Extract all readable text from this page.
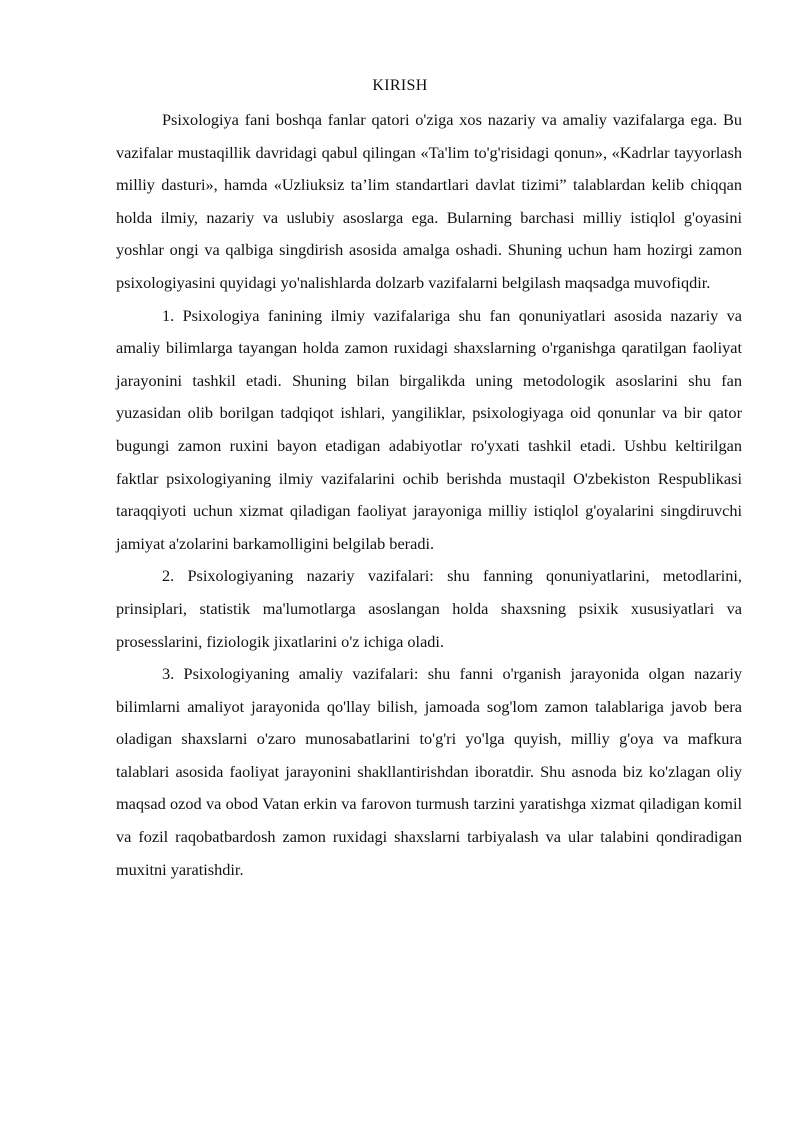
KIRISH

Psixologiya fani boshqa fanlar qatori o'ziga xos nazariy va amaliy vazifalarga ega. Bu vazifalar mustaqillik davridagi qabul qilingan «Ta'lim to'g'risidagi qonun», «Kadrlar tayyorlash milliy dasturi», hamda «Uzliuksiz ta’lim standartlari davlat tizimi” talablardan kelib chiqqan holda ilmiy, nazariy va uslubiy asoslarga ega. Bularning barchasi milliy istiqlol g'oyasini yoshlar ongi va qalbiga singdirish asosida amalga oshadi. Shuning uchun ham hozirgi zamon psixologiyasini quyidagi yo'nalishlarda dolzarb vazifalarni belgilash maqsadga muvofiqdir.

1. Psixologiya fanining ilmiy vazifalariga shu fan qonuniyatlari asosida nazariy va amaliy bilimlarga tayangan holda zamon ruxidagi shaxslarning o'rganishga qaratilgan faoliyat jarayonini tashkil etadi. Shuning bilan birgalikda uning metodologik asoslarini shu fan yuzasidan olib borilgan tadqiqot ishlari, yangiliklar, psixologiyaga oid qonunlar va bir qator bugungi zamon ruxini bayon etadigan adabiyotlar ro'yxati tashkil etadi. Ushbu keltirilgan faktlar psixologiyaning ilmiy vazifalarini ochib berishda mustaqil O'zbekiston Respublikasi taraqqiyoti uchun xizmat qiladigan faoliyat jarayoniga milliy istiqlol g'oyalarini singdiruvchi jamiyat a'zolarini barkamolligini belgilab beradi.

2. Psixologiyaning nazariy vazifalari: shu fanning qonuniyatlarini, metodlarini, prinsiplari, statistik ma'lumotlarga asoslangan holda shaxsning psixik xususiyatlari va prosesslarini, fiziologik jixatlarini o'z ichiga oladi.

3. Psixologiyaning amaliy vazifalari: shu fanni o'rganish jarayonida olgan nazariy bilimlarni amaliyot jarayonida qo'llay bilish, jamoada sog'lom zamon talablariga javob bera oladigan shaxslarni o'zaro munosabatlarini to'g'ri yo'lga quyish, milliy g'oya va mafkura talablari asosida faoliyat jarayonini shakllantirishdan iboratdir. Shu asnoda biz ko'zlagan oliy maqsad ozod va obod Vatan erkin va farovon turmush tarzini yaratishga xizmat qiladigan komil va fozil raqobatbardosh zamon ruxidagi shaxslarni tarbiyalash va ular talabini qondiradigan muxitni yaratishdir.
